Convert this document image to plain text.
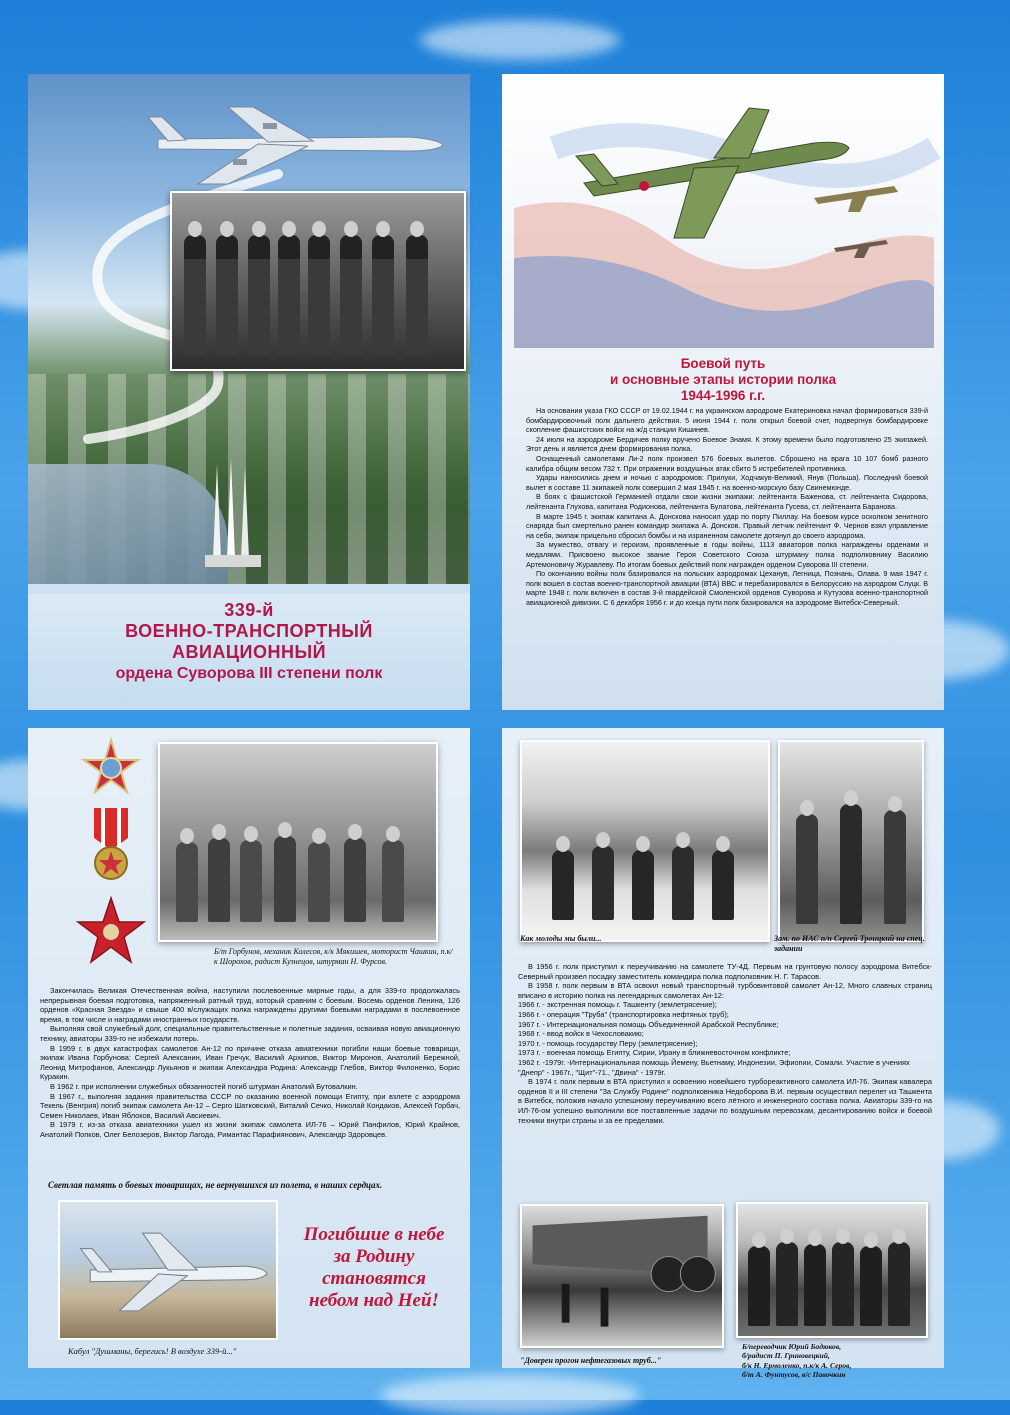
339-й
ВОЕННО-ТРАНСПОРТНЫЙ
АВИАЦИОННЫЙ
ордена Суворова III степени полк
Боевой путь
и основные этапы истории полка
1944-1996 г.г.

На основании указа ГКО СССР от 19.02.1944 г. на украинском аэродроме Екатериновка начал формироваться 339-й бомбардировочный полк дальнего действия. 5 июня 1944 г. полк открыл боевой счет, подвергнув бомбардировке скопление фашистских войск на ж/д станции Кишинев.

24 июля на аэродроме Бердичев полку вручено Боевое Знамя. К этому времени было подготовлено 25 экипажей. Этот день и является днем формирования полка.

Оснащенный самолетами Ли-2 полк произвел 576 боевых вылетов. Сброшено на врага 10 107 бомб разного калибра общим весом 732 т. При отражении воздушных атак сбито 5 истребителей противника.

Удары наносились днем и ночью с аэродромов: Прилуки, Ходчакув-Великий, Янув (Польша). Последний боевой вылет в составе 11 экипажей полк совершил 2 мая 1945 г. на военно-морскую базу Свинемюнде.

В боях с фашистской Германией отдали свои жизни экипажи: лейтенанта Баженова, ст. лейтенанта Сидорова, лейтенанта Глухова, капитана Родионова, лейтенанта Булатова, лейтенанта Гусева, ст. лейтенанта Баранова.

В марте 1945 г. экипаж капитана А. Донскова наносил удар по порту Пиллау. На боевом курсе осколком зенитного снаряда был смертельно ранен командир экипажа А. Донсков. Правый летчик лейтенант Ф. Чернов взял управление на себя, экипаж прицельно сбросил бомбы и на израненном самолете дотянул до своего аэродрома.

За мужество, отвагу и героизм, проявленные в годы войны, 1113 авиаторов полка награждены орденами и медалями. Присвоено высокое звание Героя Советского Союза штурману полка подполковнику Василию Артемоновичу Журавлеву. По итогам боевых действий полк награжден орденом Суворова III степени.

По окончанию войны полк базировался на польских аэродромах Цеханув, Легница, Познань, Олава. 9 мая 1947 г. полк вошел в состав военно-транспортной авиации (ВТА) ВВС и перебазировался в Белоруссию на аэродром Слуцк. В марте 1948 г. полк включен в состав 3-й гвардейской Смоленской орденов Суворова и Кутузова военно-транспортной авиационной дивизии. С 6 декабря 1956 г. и до конца пути полк базировался на аэродроме Витебск-Северный.

Б/т Горбунов, механик Колесов, к/к Мякишев, моторист Чашкин, п.к/к Шорохов, радист Кузнецов, штурман Н. Фурсов.

Закончилась Великая Отечественная война, наступили послевоенные мирные годы, а для 339-го продолжалась непрерывная боевая подготовка, напряженный ратный труд, который сравним с боевым. Восемь орденов Ленина, 126 орденов «Красная Звезда» и свыше 400 в/служащих полка награждены другими боевыми наградами в послевоенное время, в том числе и наградами иностранных государств.

Выполняя свой служебный долг, специальные правительственные и полетные задания, осваивая новую авиационную технику, авиаторы 339-го не избежали потерь.

В 1959 г. в двух катастрофах самолетов Ан-12 по причине отказа авиатехники погибли наши боевые товарищи, экипаж Ивана Горбунова: Сергей Алексанин, Иван Гречук, Василий Архипов, Виктор Миронов, Анатолий Бережной, Леонид Митрофанов, Александр Лукьянов и экипаж Александра Родина: Александр Глебов, Виктор Филоненко, Борис Куракин.

В 1962 г. при исполнении служебных обязанностей погиб штурман Анатолий Бутовалкин.

В 1967 г., выполняя задания правительства СССР по оказанию военной помощи Египту, при взлете с аэродрома Текель (Венгрия) погиб экипаж самолета Ан-12 – Серго Шатковский, Виталий Сечко, Николай Кондаков, Алексей Горбач, Семен Николаев, Иван Яблоков, Василий Авсиевич.

В 1979 г. из-за отказа авиатехники ушел из жизни экипаж самолета ИЛ-76 – Юрий Панфилов, Юрий Крайнов, Анатолий Попков, Олег Белозеров, Виктор Лагода, Римантас Парафиянович, Александр Здоровцев.

Светлая память о боевых товарищах, не вернувшихся из полета, в наших сердцах.
Погибшие в небе
за Родину
становятся
небом над Ней!
Кабул "Душманы, берегись! В воздухе 339-й..."
Как молоды мы были...	Зам. по ИАС п/п Сергей Троицкий на спец. задании

В 1956 г. полк приступил к переучиванию на самолете ТУ-4Д. Первым на грунтовую полосу аэродрома Витебск-Северный произвел посадку заместитель командира полка подполковник Н. Г. Тарасов.

В 1958 г. полк первым в ВТА освоил новый транспортный турбовинтовой самолет Ан-12, Много славных страниц вписано в историю полка на легендарных самолетах Ан-12:

1966 г. - экстренная помощь г. Ташкенту (землетрясение);
1966 г. - операция "Труба" (транспортировка нефтяных труб);
1967 г. - Интернациональная помощь Объединенной Арабской Республике;
1968 г. - ввод войск в Чехословакию;
1970 г. - помощь государству Перу (землетрясение);
1973 г. - военная помощь Египту, Сирии, Ирану в ближневосточном конфликте;
1962 г. -1979г. -Интернациональная помощь Йемену, Вьетнаму, Индонезии, Эфиопии, Сомали. Участие в учениях "Днепр" - 1967г., "Щит"-71., "Двина" - 1979г.

В 1974 г. полк первым в ВТА приступил к освоению новейшего турбореактивного самолета ИЛ-76. Экипаж кавалера орденов II и III степени "За Службу Родине" подполковника Недоборова В.И. первым осуществил перелет из Ташкента в Витебск, положив начало успешному переучиванию всего лётного и инженерного состава полка. Авиаторы 339-го на ИЛ-76-ом успешно выполнили все поставленные задачи по воздушным перевозкам, десантированию войск и боевой техники внутри страны и за ее пределами.

"Доверен прогон нефтегазовых труб..."
Б/переводчик Юрий Бадюков,
б/радист П. Гриновецкий,
б/к Н. Ермоленко, п.к/к А. Серов,
б/т А. Фунтусов, в/с Павочкин
